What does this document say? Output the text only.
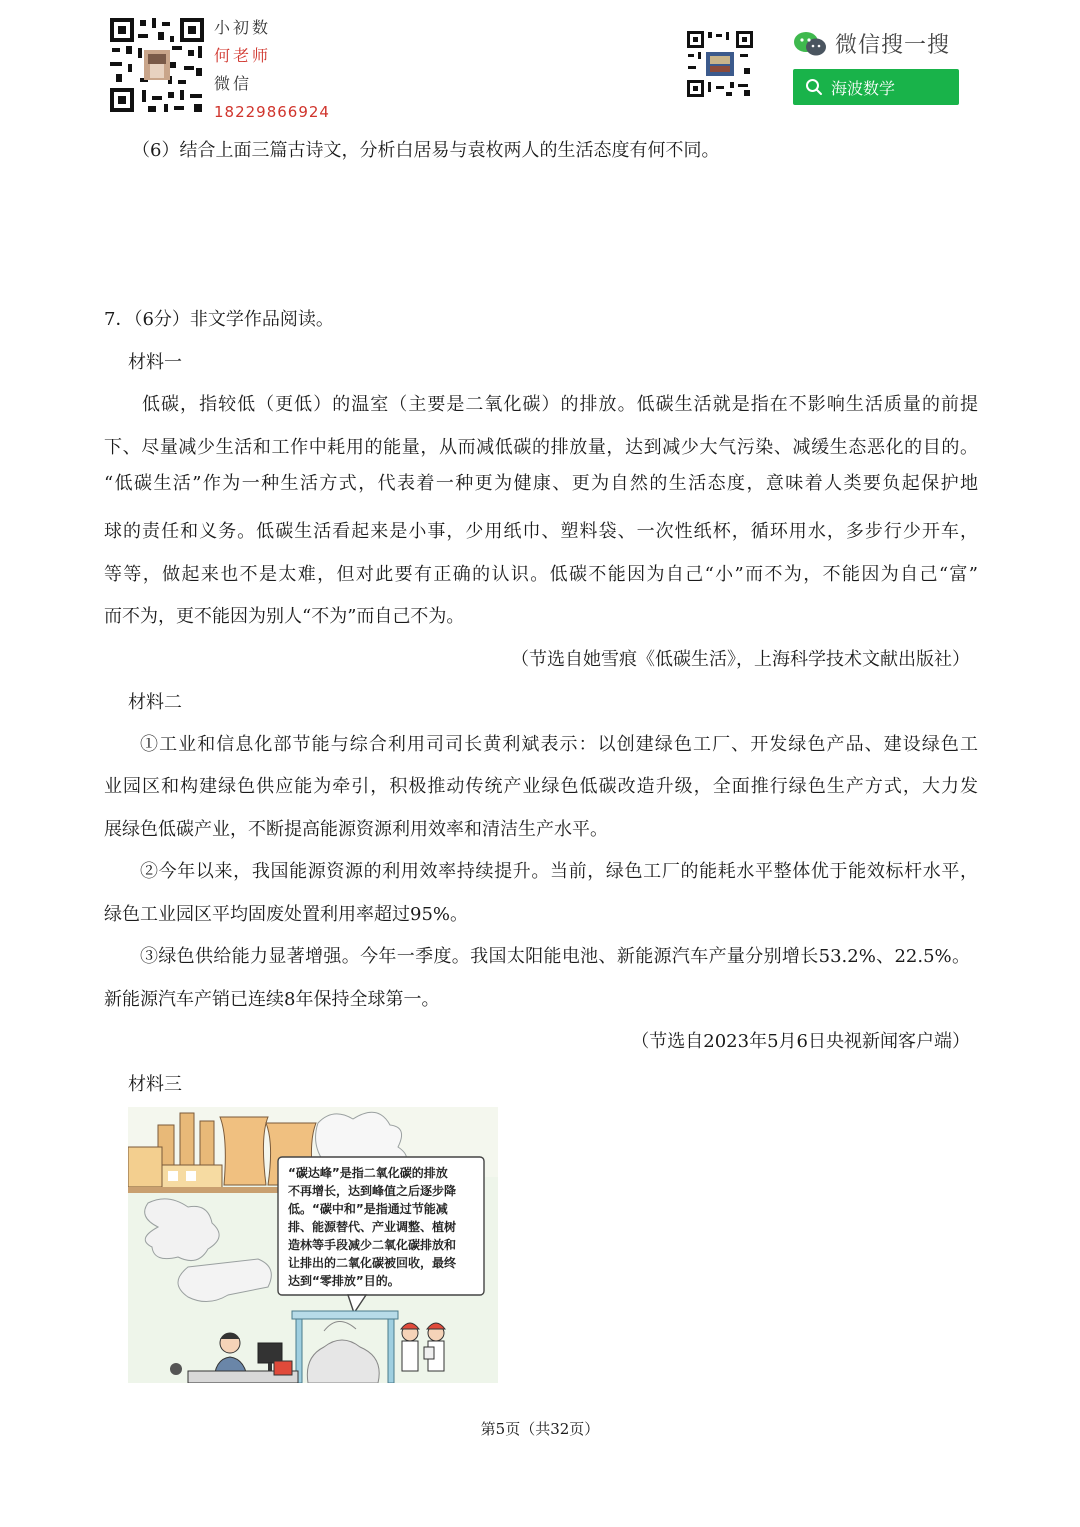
小初数
何老师
微信
18229866924
微信搜一搜
海波数学
（6）结合上面三篇古诗文，分析白居易与袁枚两人的生活态度有何不同。
7．（6分）非文学作品阅读。
材料一
低碳，指较低（更低）的温室（主要是二氧化碳）的排放。低碳生活就是指在不影响生活质量的前提
下、尽量减少生活和工作中耗用的能量，从而减低碳的排放量，达到减少大气污染、减缓生态恶化的目的。
“低碳生活”作为一种生活方式，代表着一种更为健康、更为自然的生活态度，意味着人类要负起保护地
球的责任和义务。低碳生活看起来是小事，少用纸巾、塑料袋、一次性纸杯，循环用水，多步行少开车，
等等，做起来也不是太难，但对此要有正确的认识。低碳不能因为自己“小”而不为，不能因为自己“富”
而不为，更不能因为别人“不为”而自己不为。
（节选自她雪痕《低碳生活》，上海科学技术文献出版社）
材料二
①工业和信息化部节能与综合利用司司长黄利斌表示：以创建绿色工厂、开发绿色产品、建设绿色工
业园区和构建绿色供应能为牵引，积极推动传统产业绿色低碳改造升级，全面推行绿色生产方式，大力发
展绿色低碳产业，不断提高能源资源利用效率和清洁生产水平。
②今年以来，我国能源资源的利用效率持续提升。当前，绿色工厂的能耗水平整体优于能效标杆水平，
绿色工业园区平均固废处置利用率超过95%。
③绿色供给能力显著增强。今年一季度。我国太阳能电池、新能源汽车产量分别增长53.2%、22.5%。
新能源汽车产销已连续8年保持全球第一。
（节选自2023年5月6日央视新闻客户端）
材料三
“碳达峰”是指二氧化碳的排放
不再增长，达到峰值之后逐步降
低。“碳中和”是指通过节能减
排、能源替代、产业调整、植树
造林等手段减少二氧化碳排放和
让排出的二氧化碳被回收，最终
达到“零排放”目的。
第5页（共32页）
